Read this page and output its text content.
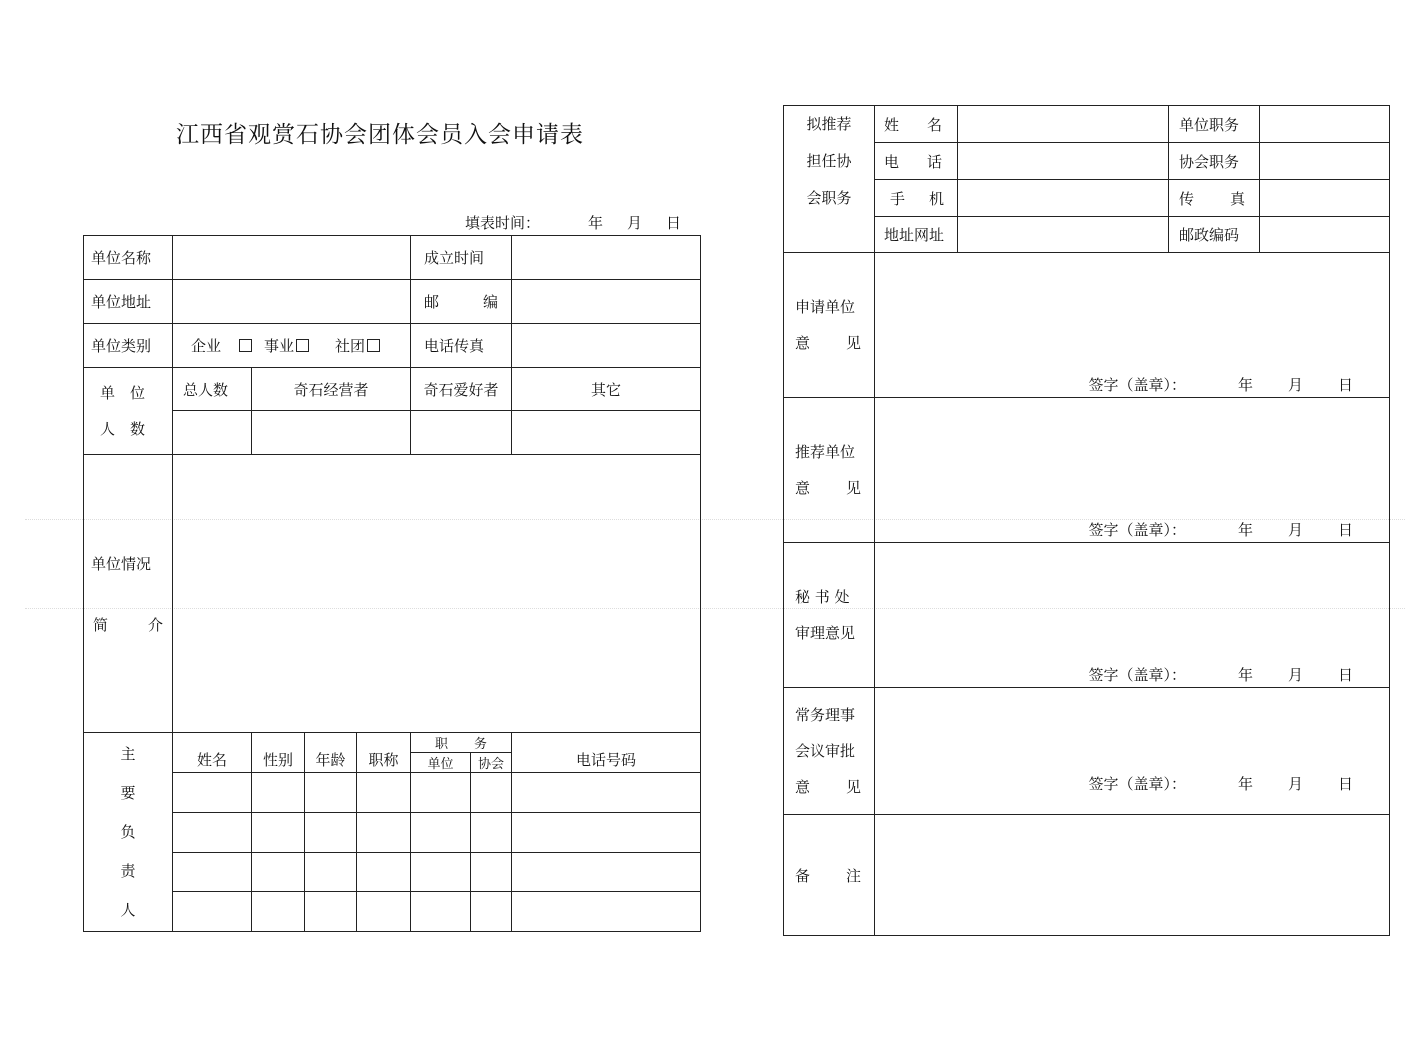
江西省观赏石协会团体会员入会申请表
填表时间：	年 月 日
单位名称					成立时间		
单位地址					邮 编		
单位类别	企业 事业 社团				电话传真		

单　位
人　数	总人数	奇石经营者			奇石爱好者		其它

单位情况
简 介							

主
要
负
责
人	姓名	性别	年龄	职称	职　　务		电话号码
					单位	协会	

拟推荐
担任协
会职务	姓 名		单位职务	
	电 话		协会职务	
	手 机		传 真	
	地址网址		邮政编码	

申请单位
意 见	签字（盖章）： 年 月 日			

推荐单位
意 见	签字（盖章）： 年 月 日			

秘 书 处
审理意见	签字（盖章）： 年 月 日			

常务理事
会议审批
意 见	签字（盖章）： 年 月 日			

备 注				
